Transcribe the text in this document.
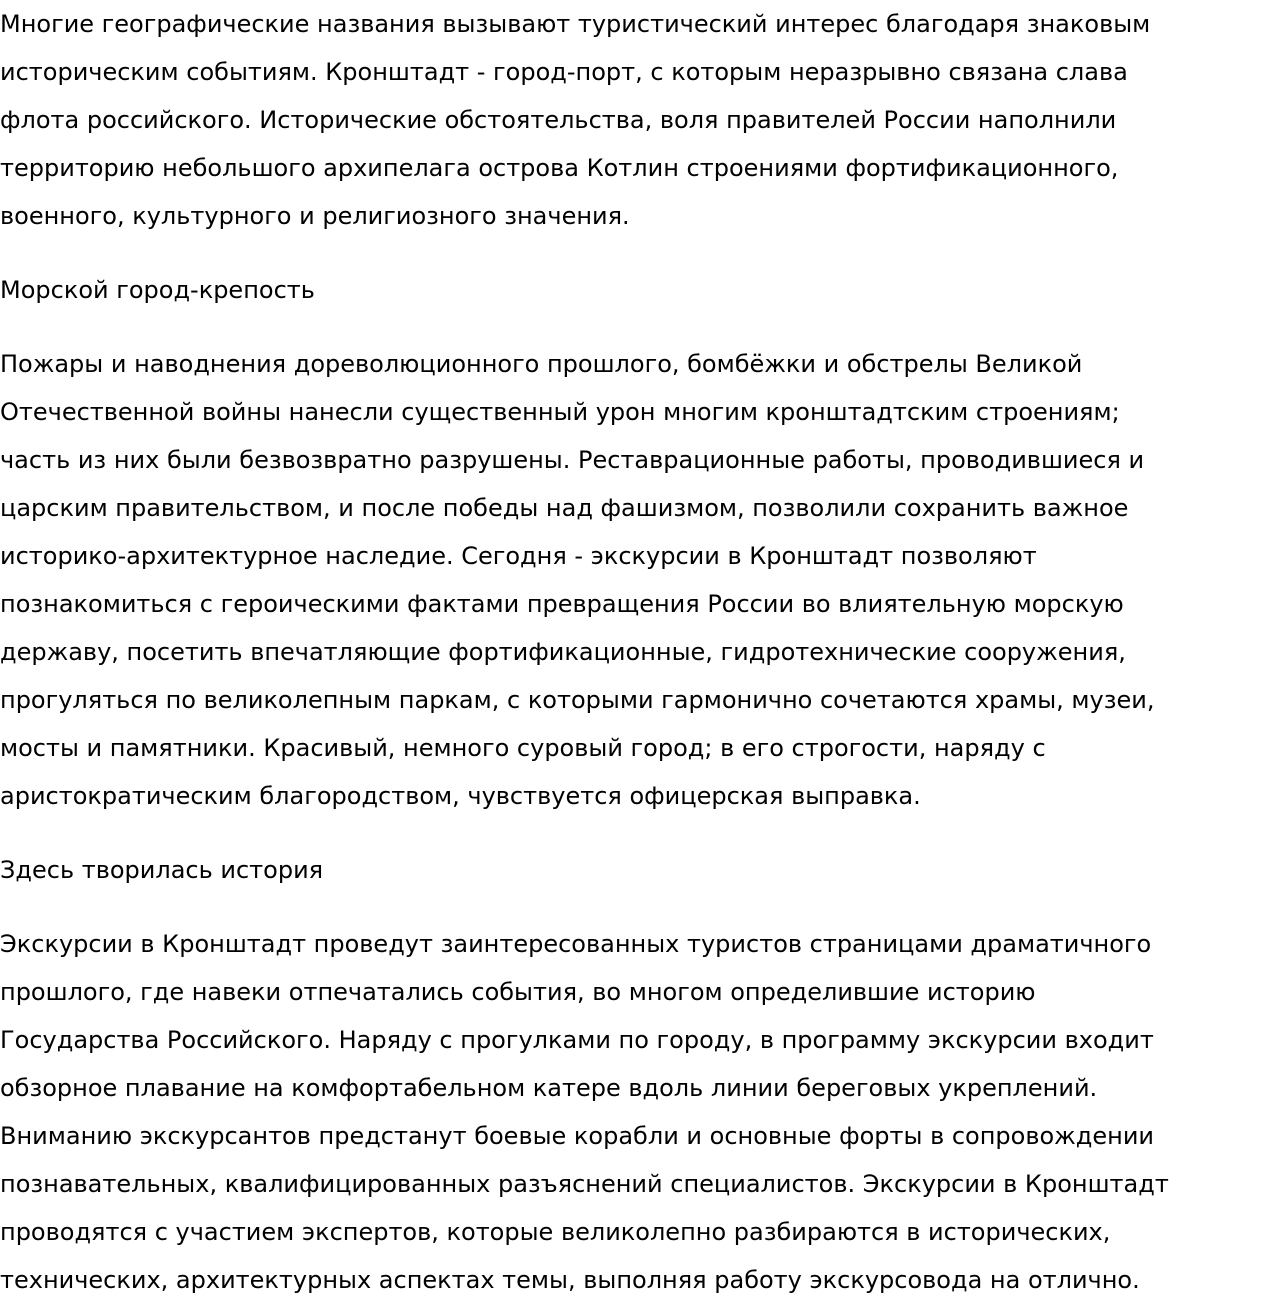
Многие географические названия вызывают туристический интерес благодаря знаковым
историческим событиям. Кронштадт - город-порт, с которым неразрывно связана слава
флота российского. Исторические обстоятельства, воля правителей России наполнили
территорию небольшого архипелага острова Котлин строениями фортификационного,
военного, культурного и религиозного значения.

Морской город-крепость

Пожары и наводнения дореволюционного прошлого, бомбёжки и обстрелы Великой
Отечественной войны нанесли существенный урон многим кронштадтским строениям;
часть из них были безвозвратно разрушены. Реставрационные работы, проводившиеся и
царским правительством, и после победы над фашизмом, позволили сохранить важное
историко-архитектурное наследие. Сегодня - экскурсии в Кронштадт позволяют
познакомиться с героическими фактами превращения России во влиятельную морскую
державу, посетить впечатляющие фортификационные, гидротехнические сооружения,
прогуляться по великолепным паркам, с которыми гармонично сочетаются храмы, музеи,
мосты и памятники. Красивый, немного суровый город; в его строгости, наряду с
аристократическим благородством, чувствуется офицерская выправка.

Здесь творилась история

Экскурсии в Кронштадт проведут заинтересованных туристов страницами драматичного
прошлого, где навеки отпечатались события, во многом определившие историю
Государства Российского. Наряду с прогулками по городу, в программу экскурсии входит
обзорное плавание на комфортабельном катере вдоль линии береговых укреплений.
Вниманию экскурсантов предстанут боевые корабли и основные форты в сопровождении
познавательных, квалифицированных разъяснений специалистов. Экскурсии в Кронштадт
проводятся с участием экспертов, которые великолепно разбираются в исторических,
технических, архитектурных аспектах темы, выполняя работу экскурсовода на отлично.
